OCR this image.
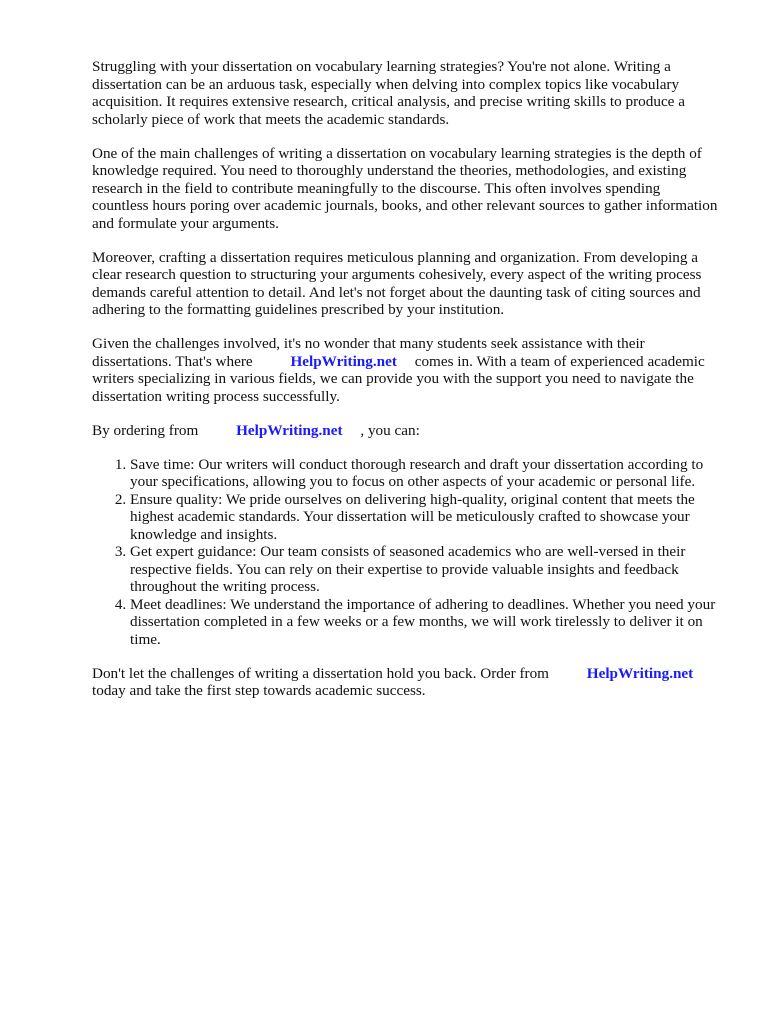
Struggling with your dissertation on vocabulary learning strategies? You're not alone. Writing a dissertation can be an arduous task, especially when delving into complex topics like vocabulary acquisition. It requires extensive research, critical analysis, and precise writing skills to produce a scholarly piece of work that meets the academic standards.

One of the main challenges of writing a dissertation on vocabulary learning strategies is the depth of knowledge required. You need to thoroughly understand the theories, methodologies, and existing research in the field to contribute meaningfully to the discourse. This often involves spending countless hours poring over academic journals, books, and other relevant sources to gather information and formulate your arguments.

Moreover, crafting a dissertation requires meticulous planning and organization. From developing a clear research question to structuring your arguments cohesively, every aspect of the writing process demands careful attention to detail. And let's not forget about the daunting task of citing sources and adhering to the formatting guidelines prescribed by your institution.

Given the challenges involved, it's no wonder that many students seek assistance with their dissertations. That's where HelpWriting.net comes in. With a team of experienced academic writers specializing in various fields, we can provide you with the support you need to navigate the dissertation writing process successfully.

By ordering from HelpWriting.net , you can:

1. Save time: Our writers will conduct thorough research and draft your dissertation according to your specifications, allowing you to focus on other aspects of your academic or personal life.
2. Ensure quality: We pride ourselves on delivering high-quality, original content that meets the highest academic standards. Your dissertation will be meticulously crafted to showcase your knowledge and insights.
3. Get expert guidance: Our team consists of seasoned academics who are well-versed in their respective fields. You can rely on their expertise to provide valuable insights and feedback throughout the writing process.
4. Meet deadlines: We understand the importance of adhering to deadlines. Whether you need your dissertation completed in a few weeks or a few months, we will work tirelessly to deliver it on time.

Don't let the challenges of writing a dissertation hold you back. Order from HelpWriting.net today and take the first step towards academic success.
